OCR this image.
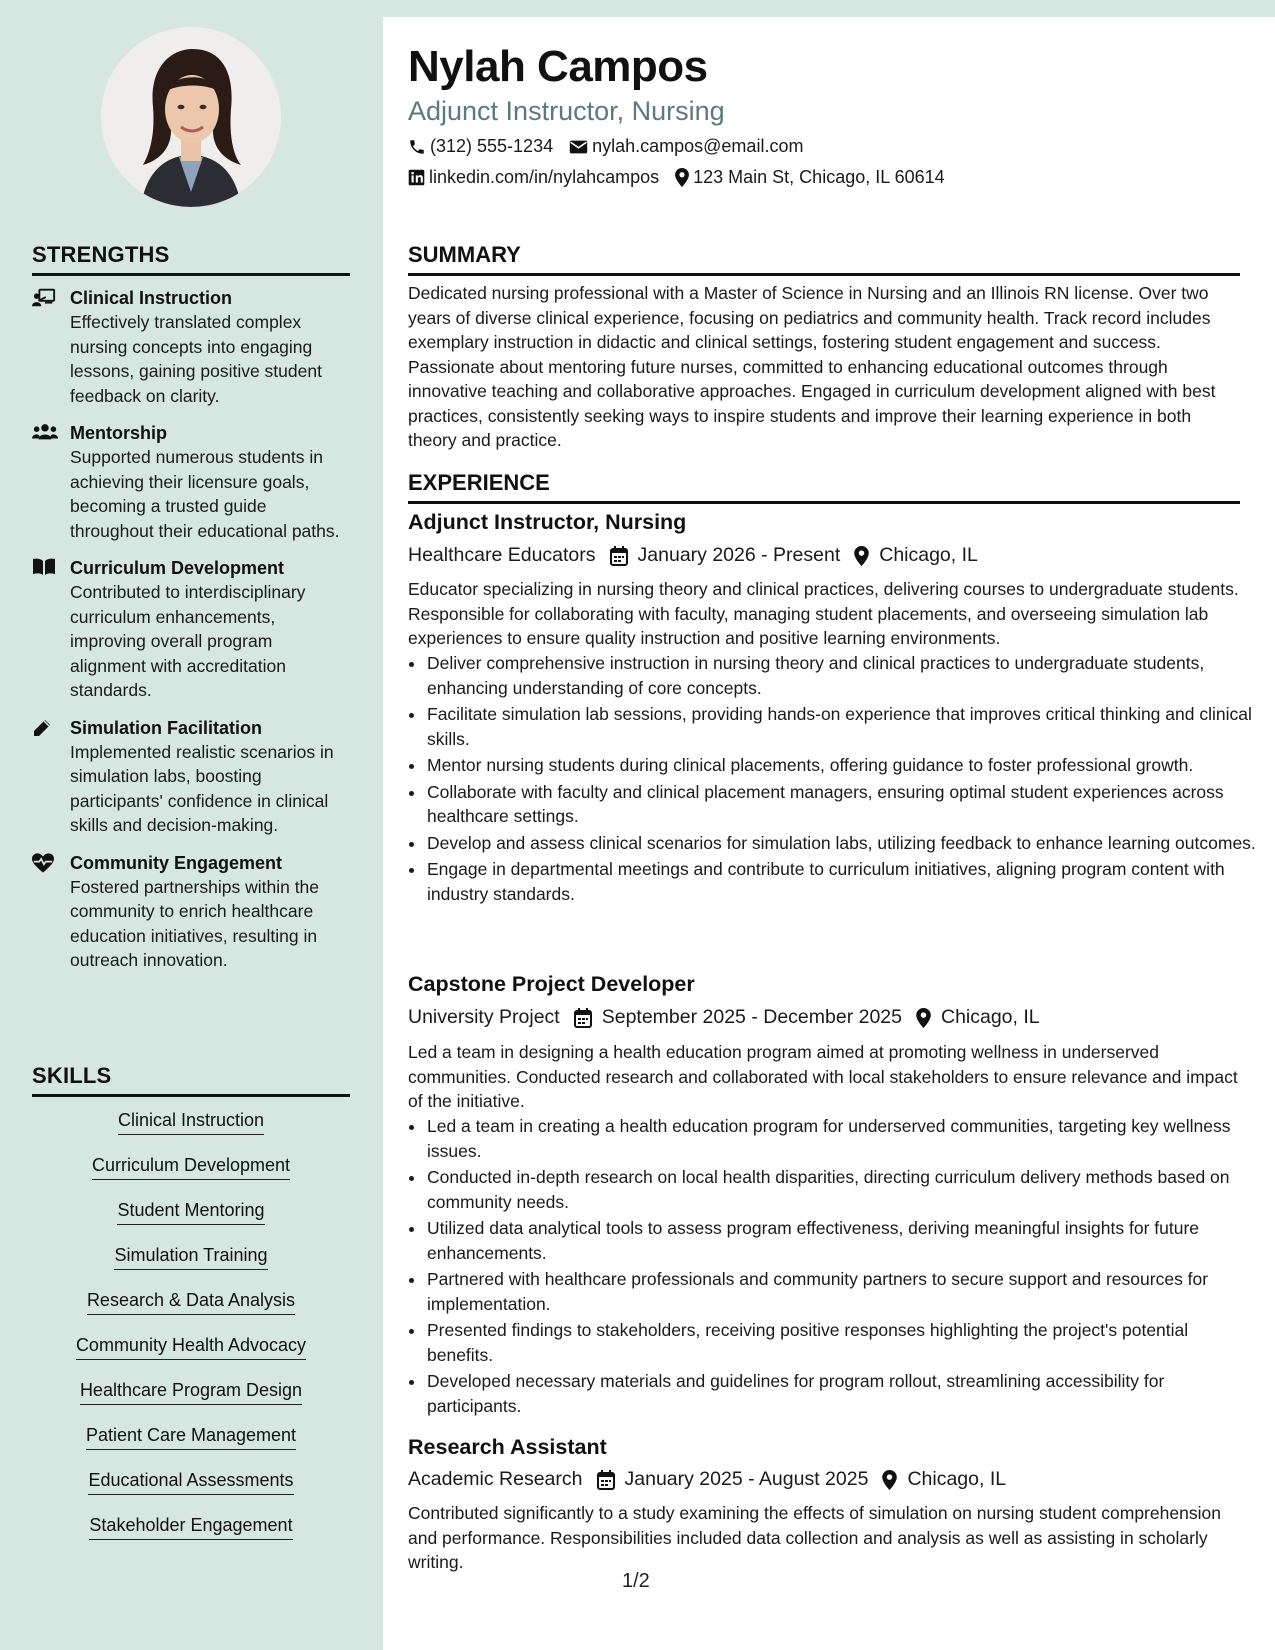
Nylah Campos
Adjunct Instructor, Nursing
(312) 555-1234 nylah.campos@email.com
linkedin.com/in/nylahcampos 123 Main St, Chicago, IL 60614
STRENGTHS
Clinical Instruction
Effectively translated complex nursing concepts into engaging lessons, gaining positive student feedback on clarity.
Mentorship
Supported numerous students in achieving their licensure goals, becoming a trusted guide throughout their educational paths.
Curriculum Development
Contributed to interdisciplinary curriculum enhancements, improving overall program alignment with accreditation standards.
Simulation Facilitation
Implemented realistic scenarios in simulation labs, boosting participants' confidence in clinical skills and decision-making.
Community Engagement
Fostered partnerships within the community to enrich healthcare education initiatives, resulting in outreach innovation.
SKILLS
Clinical Instruction
Curriculum Development
Student Mentoring
Simulation Training
Research & Data Analysis
Community Health Advocacy
Healthcare Program Design
Patient Care Management
Educational Assessments
Stakeholder Engagement
SUMMARY
Dedicated nursing professional with a Master of Science in Nursing and an Illinois RN license. Over two years of diverse clinical experience, focusing on pediatrics and community health. Track record includes exemplary instruction in didactic and clinical settings, fostering student engagement and success. Passionate about mentoring future nurses, committed to enhancing educational outcomes through innovative teaching and collaborative approaches. Engaged in curriculum development aligned with best practices, consistently seeking ways to inspire students and improve their learning experience in both theory and practice.
EXPERIENCE
Adjunct Instructor, Nursing
Healthcare Educators January 2026 - Present Chicago, IL
Educator specializing in nursing theory and clinical practices, delivering courses to undergraduate students. Responsible for collaborating with faculty, managing student placements, and overseeing simulation lab experiences to ensure quality instruction and positive learning environments.
• Deliver comprehensive instruction in nursing theory and clinical practices to undergraduate students, enhancing understanding of core concepts.
• Facilitate simulation lab sessions, providing hands-on experience that improves critical thinking and clinical skills.
• Mentor nursing students during clinical placements, offering guidance to foster professional growth.
• Collaborate with faculty and clinical placement managers, ensuring optimal student experiences across healthcare settings.
• Develop and assess clinical scenarios for simulation labs, utilizing feedback to enhance learning outcomes.
• Engage in departmental meetings and contribute to curriculum initiatives, aligning program content with industry standards.
Capstone Project Developer
University Project September 2025 - December 2025 Chicago, IL
Led a team in designing a health education program aimed at promoting wellness in underserved communities. Conducted research and collaborated with local stakeholders to ensure relevance and impact of the initiative.
• Led a team in creating a health education program for underserved communities, targeting key wellness issues.
• Conducted in-depth research on local health disparities, directing curriculum delivery methods based on community needs.
• Utilized data analytical tools to assess program effectiveness, deriving meaningful insights for future enhancements.
• Partnered with healthcare professionals and community partners to secure support and resources for implementation.
• Presented findings to stakeholders, receiving positive responses highlighting the project's potential benefits.
• Developed necessary materials and guidelines for program rollout, streamlining accessibility for participants.
Research Assistant
Academic Research January 2025 - August 2025 Chicago, IL
Contributed significantly to a study examining the effects of simulation on nursing student comprehension and performance. Responsibilities included data collection and analysis as well as assisting in scholarly writing.
1/2
